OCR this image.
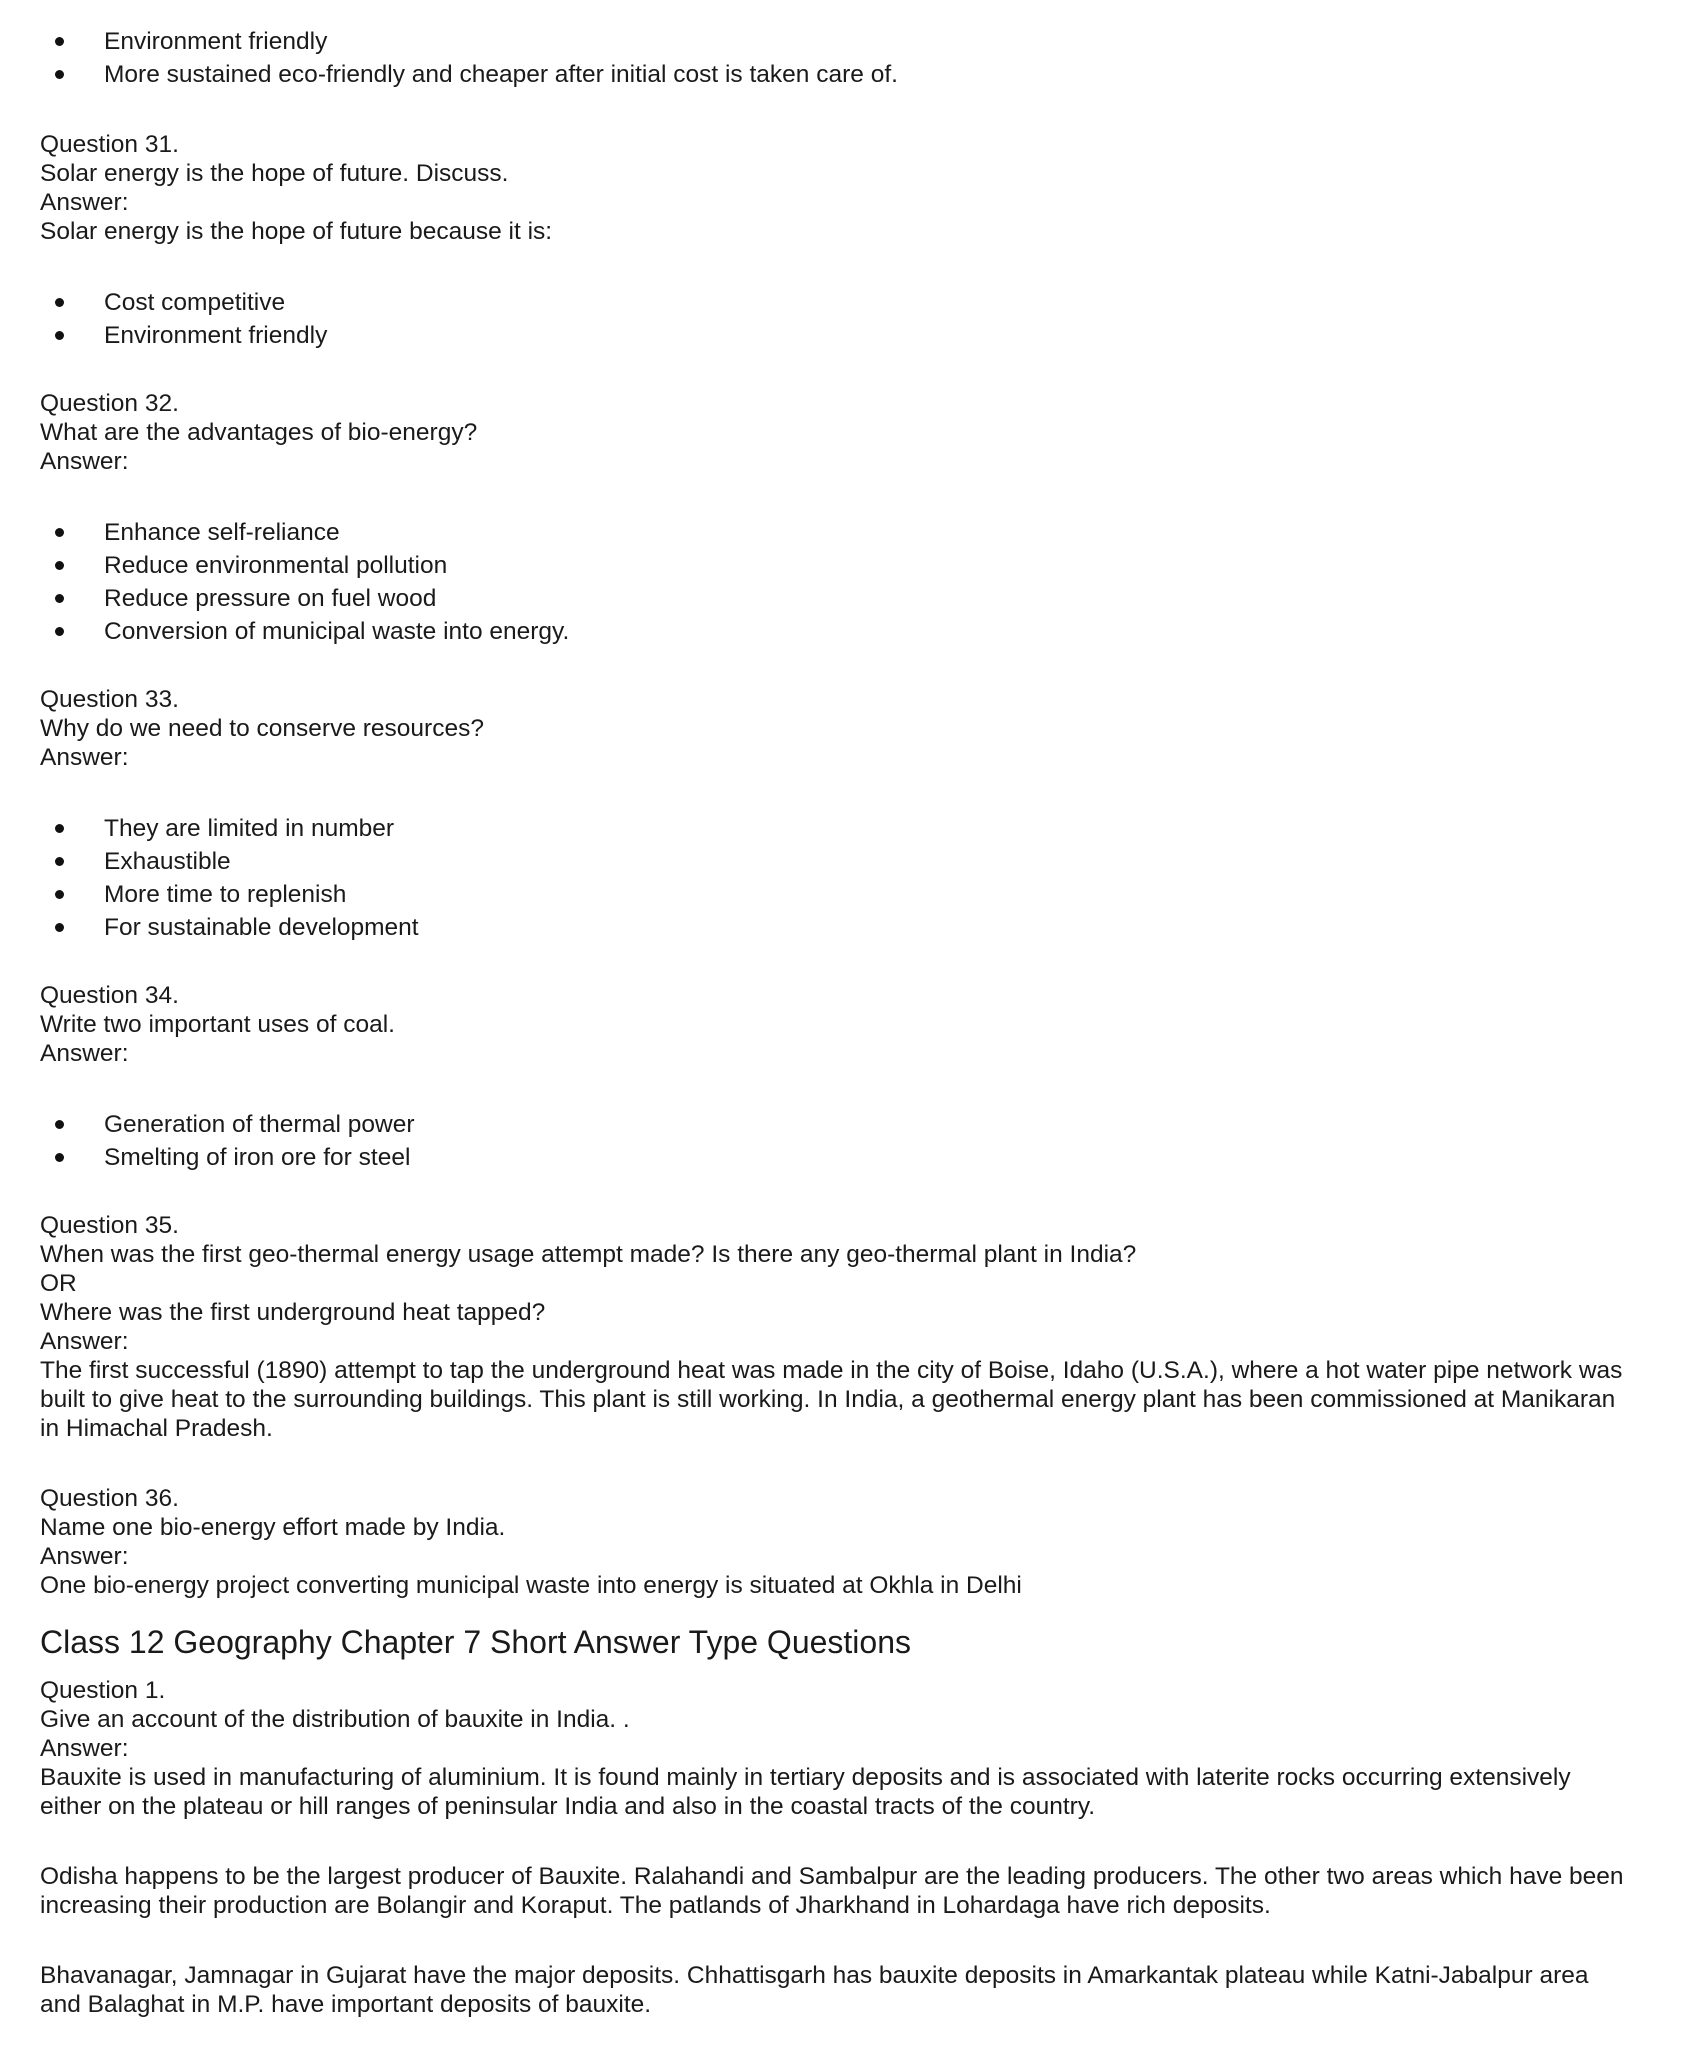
Environment friendly
More sustained eco-friendly and cheaper after initial cost is taken care of.
Question 31.
Solar energy is the hope of future. Discuss.
Answer:
Solar energy is the hope of future because it is:
Cost competitive
Environment friendly
Question 32.
What are the advantages of bio-energy?
Answer:
Enhance self-reliance
Reduce environmental pollution
Reduce pressure on fuel wood
Conversion of municipal waste into energy.
Question 33.
Why do we need to conserve resources?
Answer:
They are limited in number
Exhaustible
More time to replenish
For sustainable development
Question 34.
Write two important uses of coal.
Answer:
Generation of thermal power
Smelting of iron ore for steel
Question 35.
When was the first geo-thermal energy usage attempt made? Is there any geo-thermal plant in India?
OR
Where was the first underground heat tapped?
Answer:
The first successful (1890) attempt to tap the underground heat was made in the city of Boise, Idaho (U.S.A.), where a hot water pipe network was
built to give heat to the surrounding buildings. This plant is still working. In India, a geothermal energy plant has been commissioned at Manikaran
in Himachal Pradesh.
Question 36.
Name one bio-energy effort made by India.
Answer:
One bio-energy project converting municipal waste into energy is situated at Okhla in Delhi
Class 12 Geography Chapter 7 Short Answer Type Questions
Question 1.
Give an account of the distribution of bauxite in India. .
Answer:
Bauxite is used in manufacturing of aluminium. It is found mainly in tertiary deposits and is associated with laterite rocks occurring extensively
either on the plateau or hill ranges of peninsular India and also in the coastal tracts of the country.
Odisha happens to be the largest producer of Bauxite. Ralahandi and Sambalpur are the leading producers. The other two areas which have been
increasing their production are Bolangir and Koraput. The patlands of Jharkhand in Lohardaga have rich deposits.
Bhavanagar, Jamnagar in Gujarat have the major deposits. Chhattisgarh has bauxite deposits in Amarkantak plateau while Katni-Jabalpur area
and Balaghat in M.P. have important deposits of bauxite.
